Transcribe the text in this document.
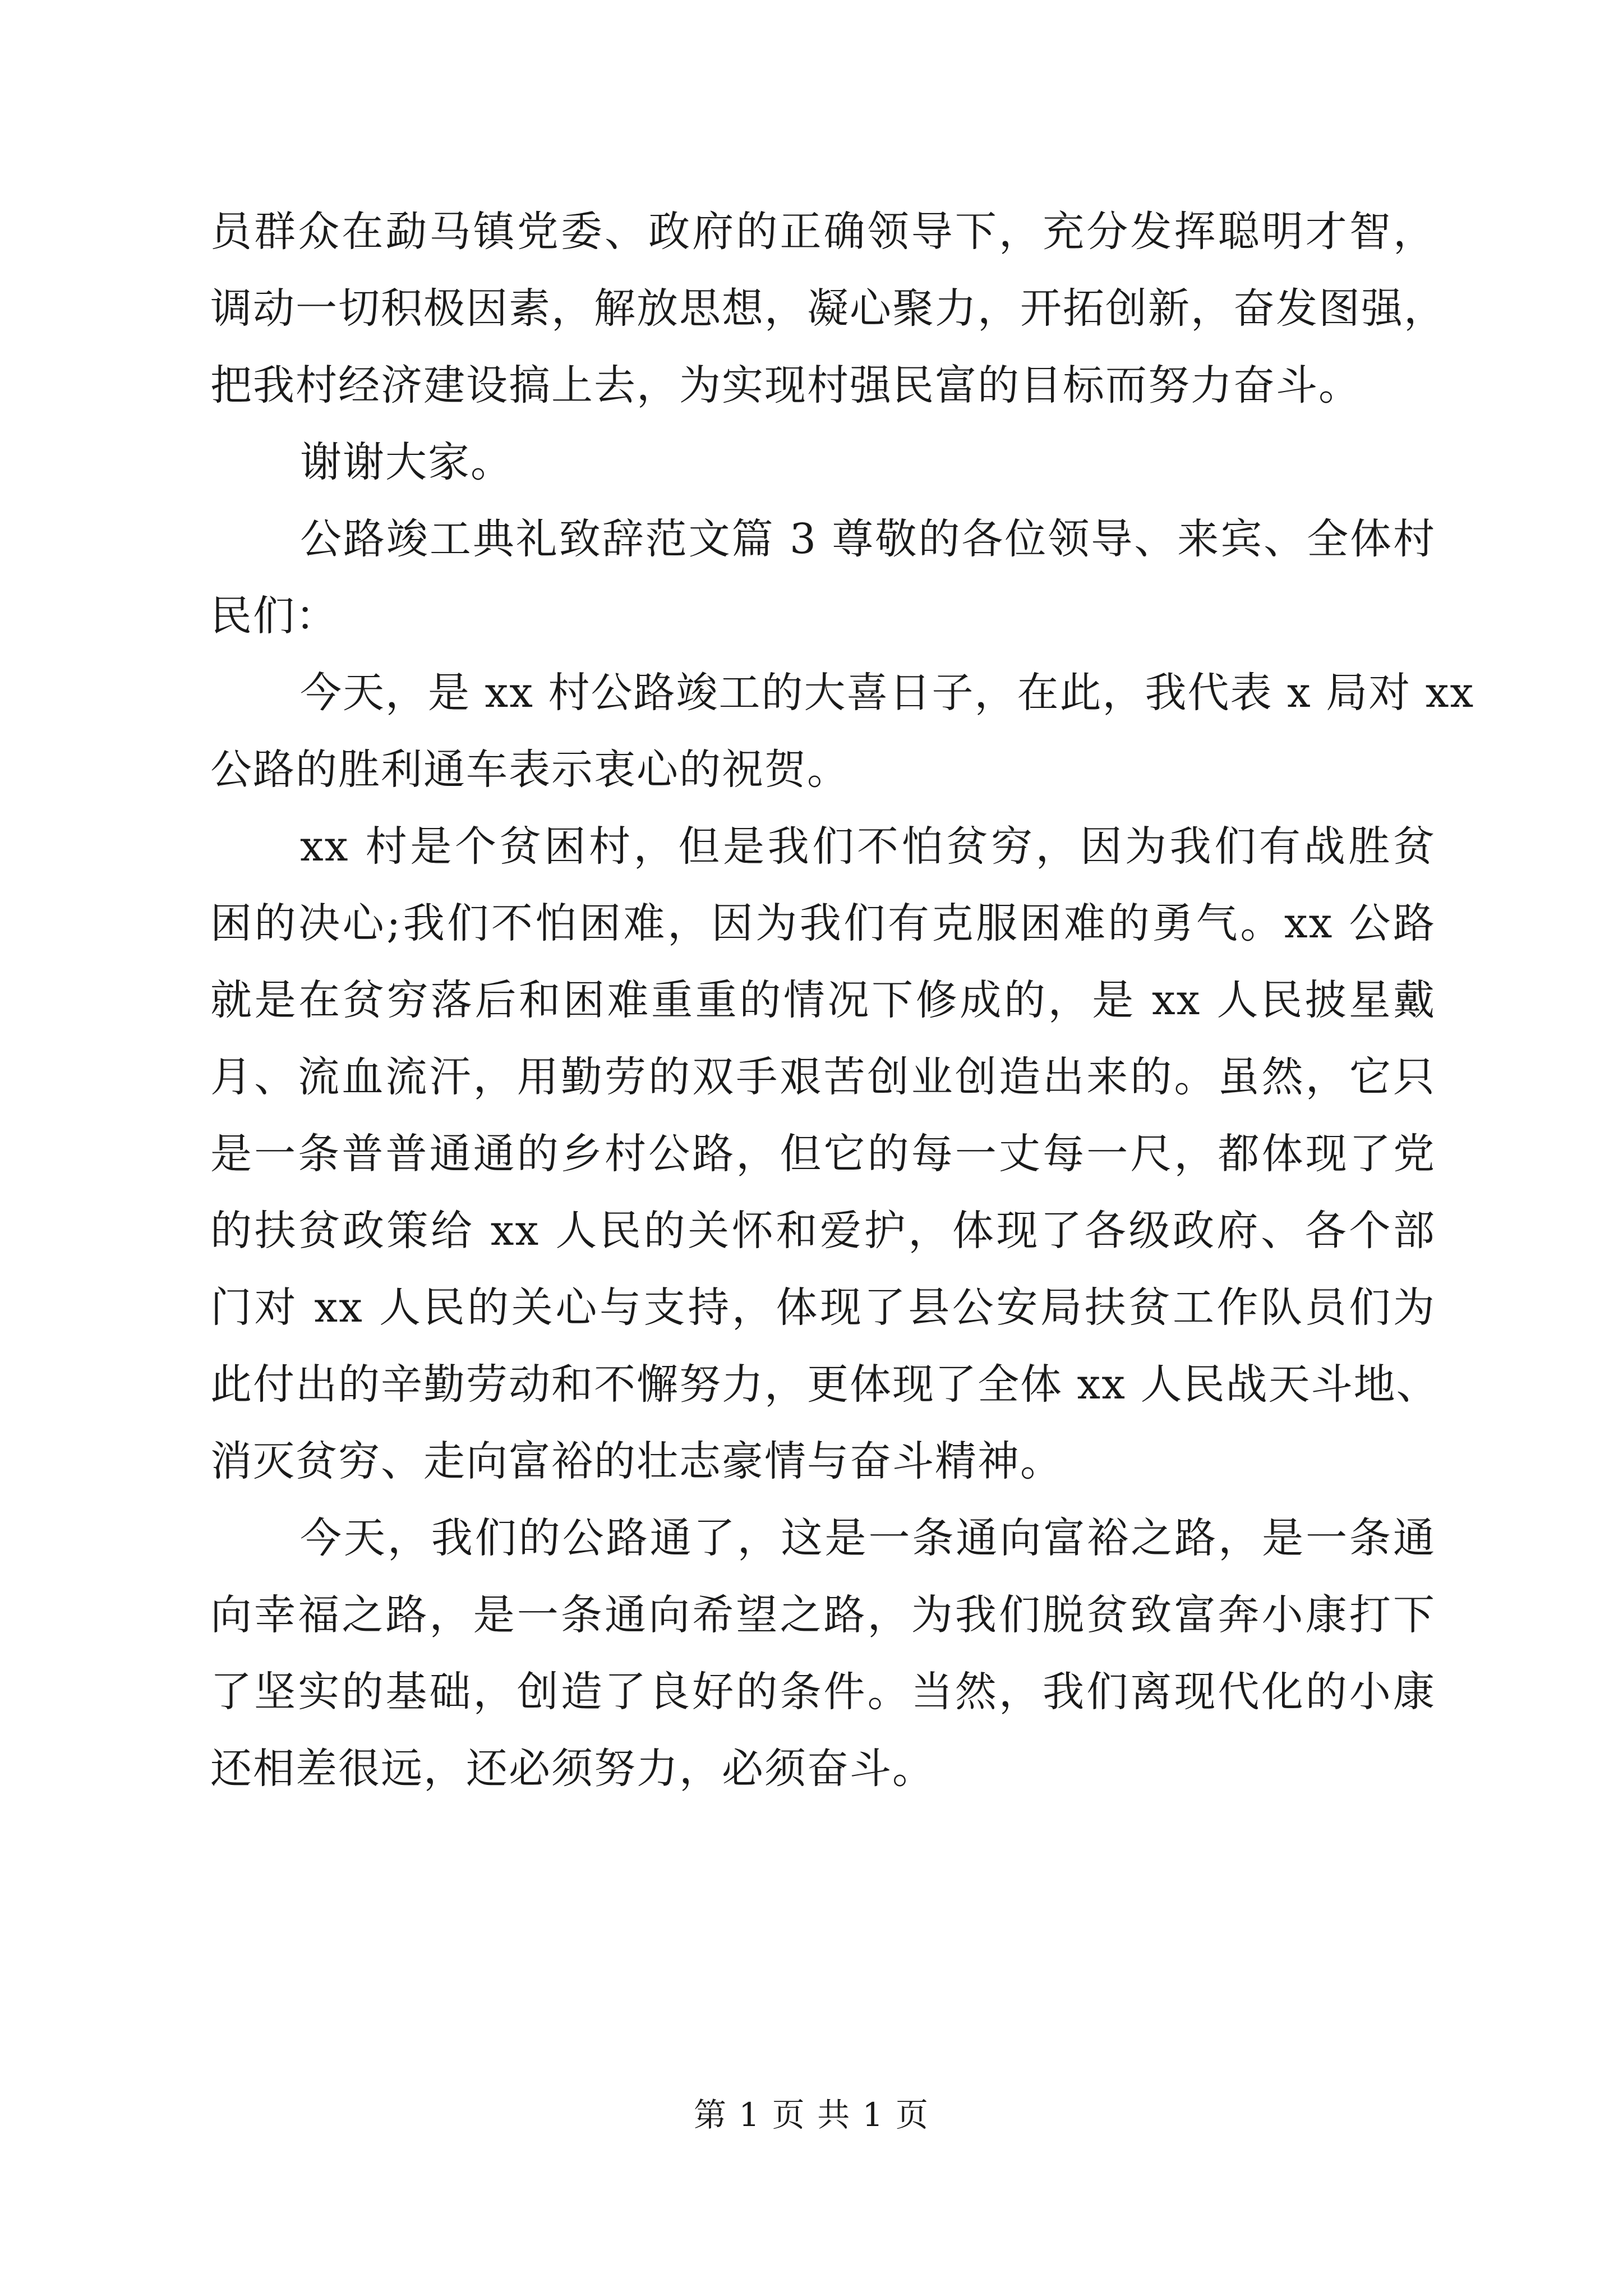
员群众在勐马镇党委、政府的正确领导下，充分发挥聪明才智，
调动一切积极因素，解放思想，凝心聚力，开拓创新，奋发图强，
把我村经济建设搞上去，为实现村强民富的目标而努力奋斗。
谢谢大家。
公路竣工典礼致辞范文篇 3 尊敬的各位领导、来宾、全体村
民们：
今天，是 xx 村公路竣工的大喜日子，在此，我代表 x 局对 xx
公路的胜利通车表示衷心的祝贺。
xx 村是个贫困村，但是我们不怕贫穷，因为我们有战胜贫
困的决心;我们不怕困难，因为我们有克服困难的勇气。xx 公路
就是在贫穷落后和困难重重的情况下修成的，是 xx 人民披星戴
月、流血流汗，用勤劳的双手艰苦创业创造出来的。虽然，它只
是一条普普通通的乡村公路，但它的每一丈每一尺，都体现了党
的扶贫政策给 xx 人民的关怀和爱护，体现了各级政府、各个部
门对 xx 人民的关心与支持，体现了县公安局扶贫工作队员们为
此付出的辛勤劳动和不懈努力，更体现了全体 xx 人民战天斗地、
消灭贫穷、走向富裕的壮志豪情与奋斗精神。
今天，我们的公路通了，这是一条通向富裕之路，是一条通
向幸福之路，是一条通向希望之路，为我们脱贫致富奔小康打下
了坚实的基础，创造了良好的条件。当然，我们离现代化的小康
还相差很远，还必须努力，必须奋斗。
第 1 页 共 1 页
